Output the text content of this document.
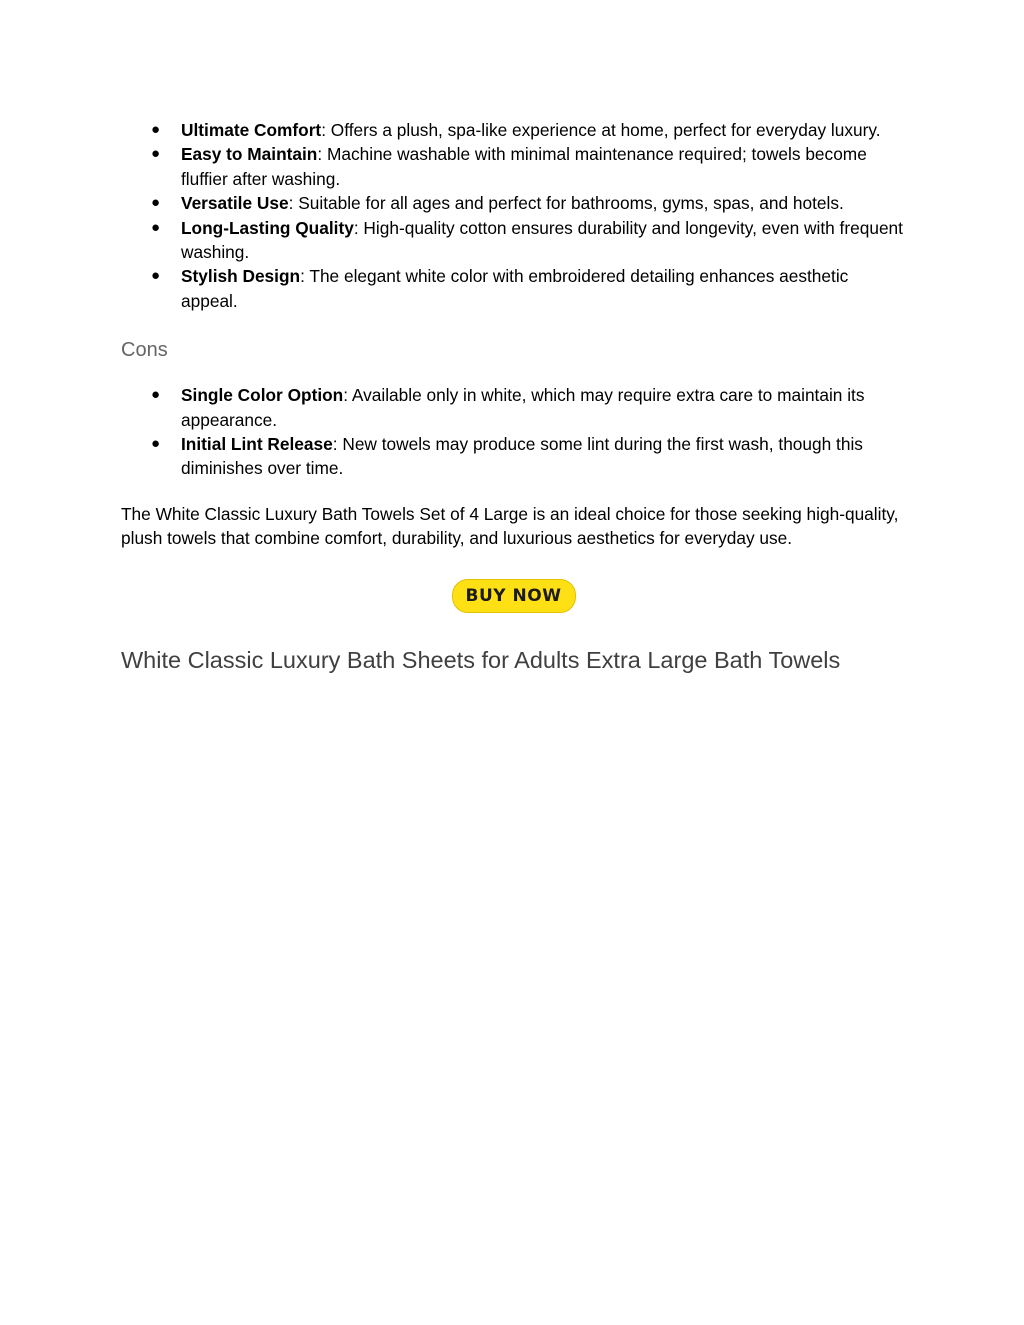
● Ultimate Comfort: Offers a plush, spa-like experience at home, perfect for everyday luxury.
● Easy to Maintain: Machine washable with minimal maintenance required; towels become fluffier after washing.
● Versatile Use: Suitable for all ages and perfect for bathrooms, gyms, spas, and hotels.
● Long-Lasting Quality: High-quality cotton ensures durability and longevity, even with frequent washing.
● Stylish Design: The elegant white color with embroidered detailing enhances aesthetic appeal.
Cons
● Single Color Option: Available only in white, which may require extra care to maintain its appearance.
● Initial Lint Release: New towels may produce some lint during the first wash, though this diminishes over time.

The White Classic Luxury Bath Towels Set of 4 Large is an ideal choice for those seeking high-quality, plush towels that combine comfort, durability, and luxurious aesthetics for everyday use.

BUY NOW
White Classic Luxury Bath Sheets for Adults Extra Large Bath Towels
